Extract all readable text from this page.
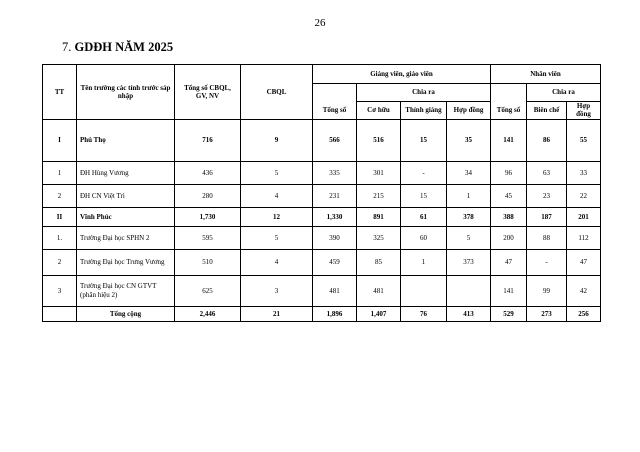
26
7. GDĐH NĂM 2025
TT	Tên trường các tỉnh trước sáp nhập	Tổng số CBQL, GV, NV	CBQL	Giảng viên, giáo viên				Nhân viên		
				Tổng số	Chia ra			Tổng số	Chia ra	
					Cơ hữu	Thỉnh giảng	Hợp đồng		Biên chế	Hợp đồng
I	Phú Thọ	716	9	566	516	15	35	141	86	55
1	ĐH Hùng Vương	436	5	335	301	-	34	96	63	33
2	ĐH CN Việt Trì	280	4	231	215	15	1	45	23	22
II	Vĩnh Phúc	1,730	12	1,330	891	61	378	388	187	201
1.	Trường Đại học SPHN 2	595	5	390	325	60	5	200	88	112
2	Trường Đại học Trưng Vương	510	4	459	85	1	373	47	-	47
3	Trường Đại học CN GTVT (phân hiệu 2)	625	3	481	481			141	99	42
	Tổng cộng	2,446	21	1,896	1,407	76	413	529	273	256
